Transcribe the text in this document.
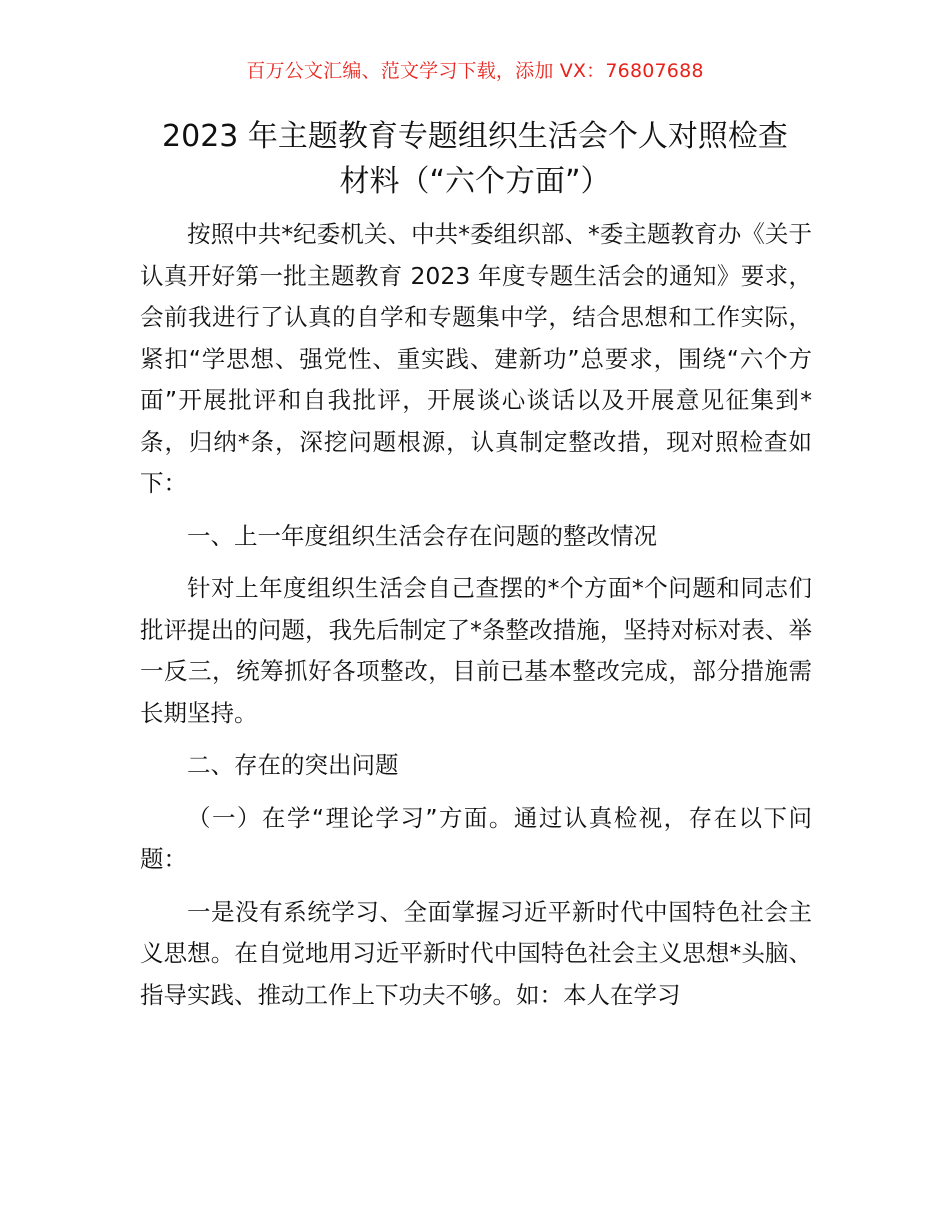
百万公文汇编、范文学习下载，添加 VX：76807688
2023 年主题教育专题组织生活会个人对照检查
材料（“六个方面”）

按照中共*纪委机关、中共*委组织部、*委主题教育办《关于认真开好第一批主题教育 2023 年度专题生活会的通知》要求，会前我进行了认真的自学和专题集中学，结合思想和工作实际，紧扣“学思想、强党性、重实践、建新功”总要求，围绕“六个方面”开展批评和自我批评，开展谈心谈话以及开展意见征集到*条，归纳*条，深挖问题根源，认真制定整改措，现对照检查如下：

一、上一年度组织生活会存在问题的整改情况

针对上年度组织生活会自己查摆的*个方面*个问题和同志们批评提出的问题，我先后制定了*条整改措施，坚持对标对表、举一反三，统筹抓好各项整改，目前已基本整改完成，部分措施需长期坚持。

二、存在的突出问题

（一）在学“理论学习”方面。通过认真检视，存在以下问题：

一是没有系统学习、全面掌握习近平新时代中国特色社会主义思想。在自觉地用习近平新时代中国特色社会主义思想*头脑、指导实践、推动工作上下功夫不够。如：本人在学习
